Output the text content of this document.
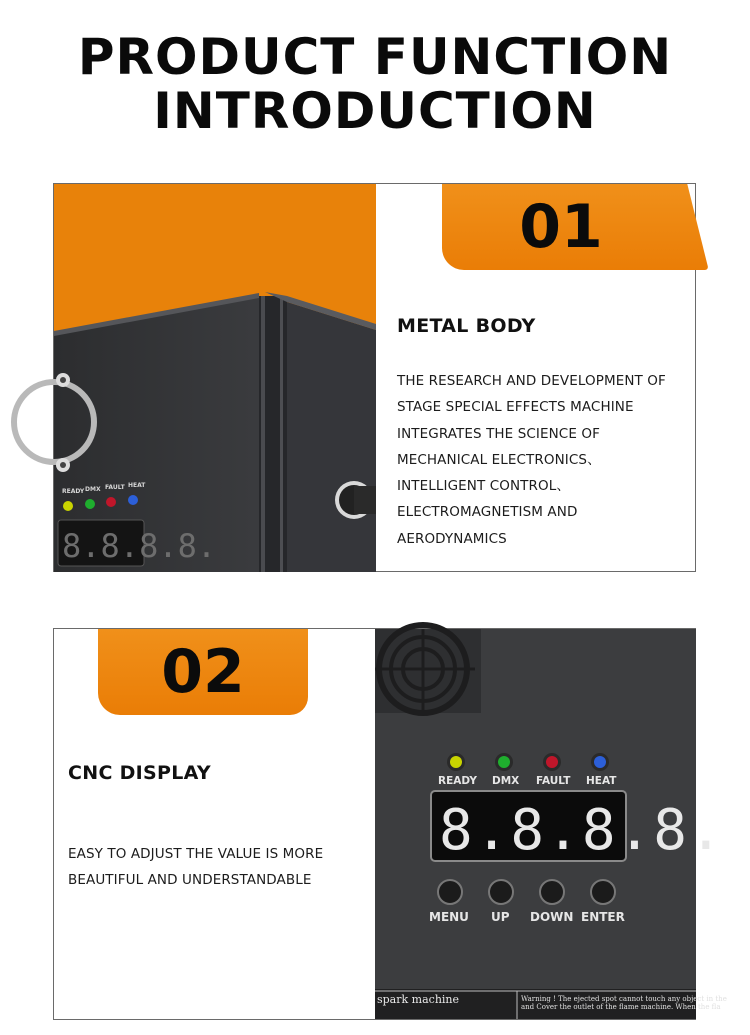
PRODUCT FUNCTION
INTRODUCTION
8.8.8.8.
READY DMX FAULT HEAT
01
METAL BODY
THE RESEARCH AND DEVELOPMENT OF
STAGE SPECIAL EFFECTS MACHINE
INTEGRATES THE SCIENCE OF
MECHANICAL ELECTRONICS、
INTELLIGENT CONTROL、
ELECTROMAGNETISM AND
AERODYNAMICS
02
CNC DISPLAY
EASY TO ADJUST THE VALUE IS MORE
BEAUTIFUL AND UNDERSTANDABLE
8.8.8.8.
READY DMX FAULT HEAT
MENU UP DOWN ENTER
spark machine	Warning ! The ejected spot cannot touch any object in the
and Cover the outlet of the flame machine. When the fla
